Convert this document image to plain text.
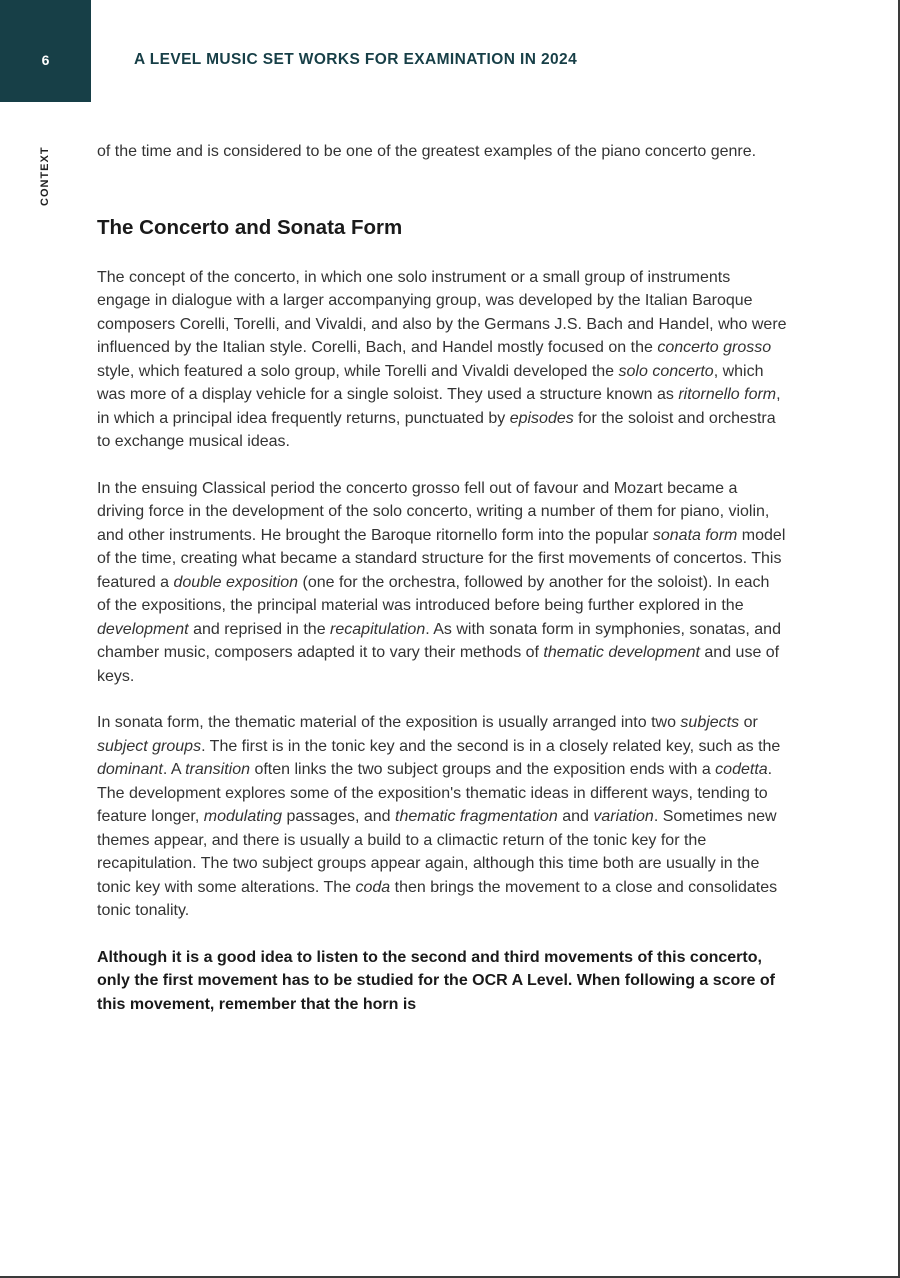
6	A LEVEL MUSIC SET WORKS FOR EXAMINATION IN 2024
CONTEXT	of the time and is considered to be one of the greatest examples of the piano concerto genre.

The Concerto and Sonata Form

The concept of the concerto, in which one solo instrument or a small group of instruments engage in dialogue with a larger accompanying group, was developed by the Italian Baroque composers Corelli, Torelli, and Vivaldi, and also by the Germans J.S. Bach and Handel, who were influenced by the Italian style. Corelli, Bach, and Handel mostly focused on the concerto grosso style, which featured a solo group, while Torelli and Vivaldi developed the solo concerto, which was more of a display vehicle for a single soloist. They used a structure known as ritornello form, in which a principal idea frequently returns, punctuated by episodes for the soloist and orchestra to exchange musical ideas.

In the ensuing Classical period the concerto grosso fell out of favour and Mozart became a driving force in the development of the solo concerto, writing a number of them for piano, violin, and other instruments. He brought the Baroque ritornello form into the popular sonata form model of the time, creating what became a standard structure for the first movements of concertos. This featured a double exposition (one for the orchestra, followed by another for the soloist). In each of the expositions, the principal material was introduced before being further explored in the development and reprised in the recapitulation. As with sonata form in symphonies, sonatas, and chamber music, composers adapted it to vary their methods of thematic development and use of keys.

In sonata form, the thematic material of the exposition is usually arranged into two subjects or subject groups. The first is in the tonic key and the second is in a closely related key, such as the dominant. A transition often links the two subject groups and the exposition ends with a codetta. The development explores some of the exposition's thematic ideas in different ways, tending to feature longer, modulating passages, and thematic fragmentation and variation. Sometimes new themes appear, and there is usually a build to a climactic return of the tonic key for the recapitulation. The two subject groups appear again, although this time both are usually in the tonic key with some alterations. The coda then brings the movement to a close and consolidates tonic tonality.

Although it is a good idea to listen to the second and third movements of this concerto, only the first movement has to be studied for the OCR A Level. When following a score of this movement, remember that the horn is
